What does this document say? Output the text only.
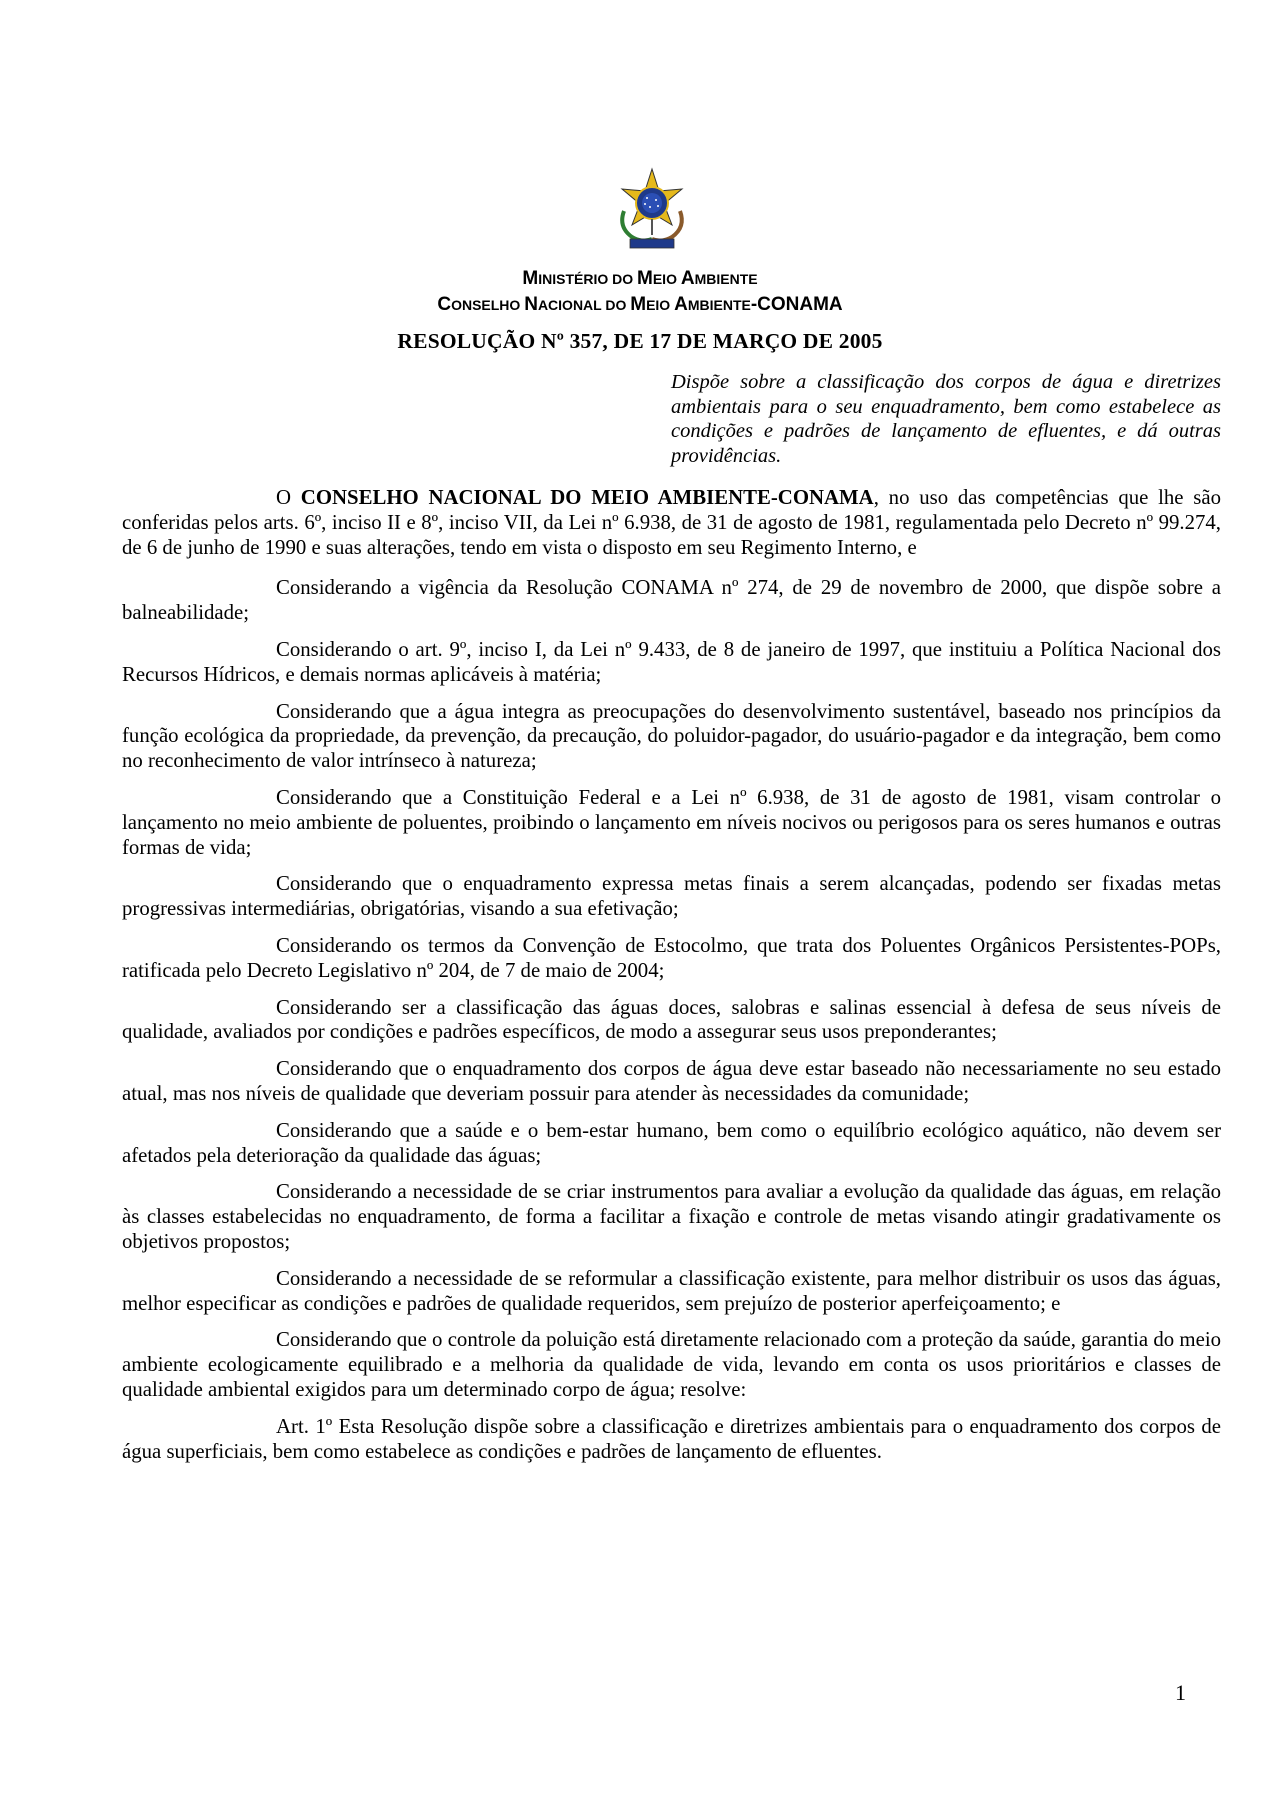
MINISTÉRIO DO MEIO AMBIENTE
CONSELHO NACIONAL DO MEIO AMBIENTE-CONAMA
RESOLUÇÃO Nº 357, DE 17 DE MARÇO DE 2005
Dispõe sobre a classificação dos corpos de água e diretrizes ambientais para o seu enquadramento, bem como estabelece as condições e padrões de lançamento de efluentes, e dá outras providências.

O CONSELHO NACIONAL DO MEIO AMBIENTE-CONAMA, no uso das competências que lhe são conferidas pelos arts. 6º, inciso II e 8º, inciso VII, da Lei nº 6.938, de 31 de agosto de 1981, regulamentada pelo Decreto nº 99.274, de 6 de junho de 1990 e suas alterações, tendo em vista o disposto em seu Regimento Interno, e

Considerando a vigência da Resolução CONAMA nº 274, de 29 de novembro de 2000, que dispõe sobre a balneabilidade;

Considerando o art. 9º, inciso I, da Lei nº 9.433, de 8 de janeiro de 1997, que instituiu a Política Nacional dos Recursos Hídricos, e demais normas aplicáveis à matéria;

Considerando que a água integra as preocupações do desenvolvimento sustentável, baseado nos princípios da função ecológica da propriedade, da prevenção, da precaução, do poluidor-pagador, do usuário-pagador e da integração, bem como no reconhecimento de valor intrínseco à natureza;

Considerando que a Constituição Federal e a Lei nº 6.938, de 31 de agosto de 1981, visam controlar o lançamento no meio ambiente de poluentes, proibindo o lançamento em níveis nocivos ou perigosos para os seres humanos e outras formas de vida;

Considerando que o enquadramento expressa metas finais a serem alcançadas, podendo ser fixadas metas progressivas intermediárias, obrigatórias, visando a sua efetivação;

Considerando os termos da Convenção de Estocolmo, que trata dos Poluentes Orgânicos Persistentes-POPs, ratificada pelo Decreto Legislativo nº 204, de 7 de maio de 2004;

Considerando ser a classificação das águas doces, salobras e salinas essencial à defesa de seus níveis de qualidade, avaliados por condições e padrões específicos, de modo a assegurar seus usos preponderantes;

Considerando que o enquadramento dos corpos de água deve estar baseado não necessariamente no seu estado atual, mas nos níveis de qualidade que deveriam possuir para atender às necessidades da comunidade;

Considerando que a saúde e o bem-estar humano, bem como o equilíbrio ecológico aquático, não devem ser afetados pela deterioração da qualidade das águas;

Considerando a necessidade de se criar instrumentos para avaliar a evolução da qualidade das águas, em relação às classes estabelecidas no enquadramento, de forma a facilitar a fixação e controle de metas visando atingir gradativamente os objetivos propostos;

Considerando a necessidade de se reformular a classificação existente, para melhor distribuir os usos das águas, melhor especificar as condições e padrões de qualidade requeridos, sem prejuízo de posterior aperfeiçoamento; e

Considerando que o controle da poluição está diretamente relacionado com a proteção da saúde, garantia do meio ambiente ecologicamente equilibrado e a melhoria da qualidade de vida, levando em conta os usos prioritários e classes de qualidade ambiental exigidos para um determinado corpo de água; resolve:

Art. 1º Esta Resolução dispõe sobre a classificação e diretrizes ambientais para o enquadramento dos corpos de água superficiais, bem como estabelece as condições e padrões de lançamento de efluentes.

1
